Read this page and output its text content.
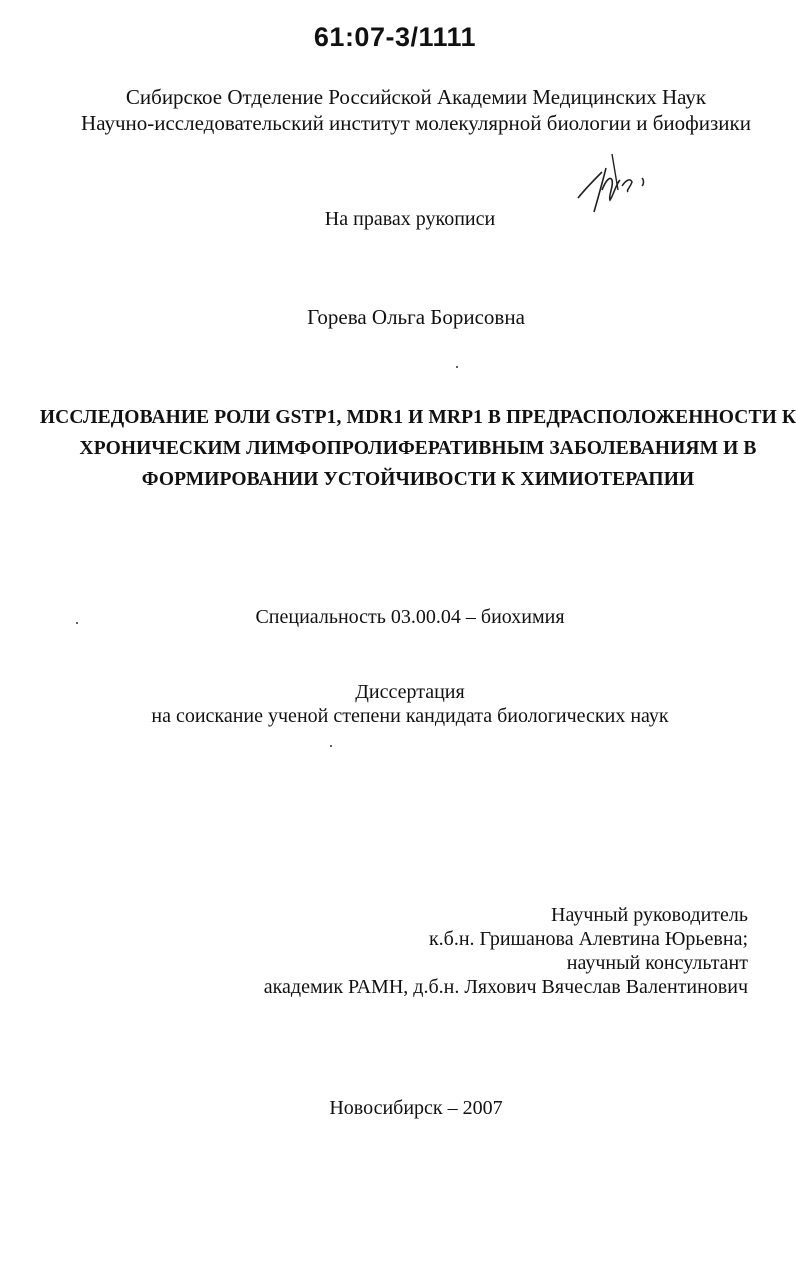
61:07-3/1111
Сибирское Отделение Российской Академии Медицинских Наук
Научно-исследовательский институт молекулярной биологии и биофизики
На правах рукописи
Горева Ольга Борисовна
ИССЛЕДОВАНИЕ РОЛИ GSTP1, MDR1 И MRP1 В ПРЕДРАСПОЛОЖЕННОСТИ К
ХРОНИЧЕСКИМ ЛИМФОПРОЛИФЕРАТИВНЫМ ЗАБОЛЕВАНИЯМ И В
ФОРМИРОВАНИИ УСТОЙЧИВОСТИ К ХИМИОТЕРАПИИ
Специальность 03.00.04 – биохимия
Диссертация
на соискание ученой степени кандидата биологических наук
Научный руководитель
к.б.н. Гришанова Алевтина Юрьевна;
научный консультант
академик РАМН, д.б.н. Ляхович Вячеслав Валентинович
Новосибирск – 2007
